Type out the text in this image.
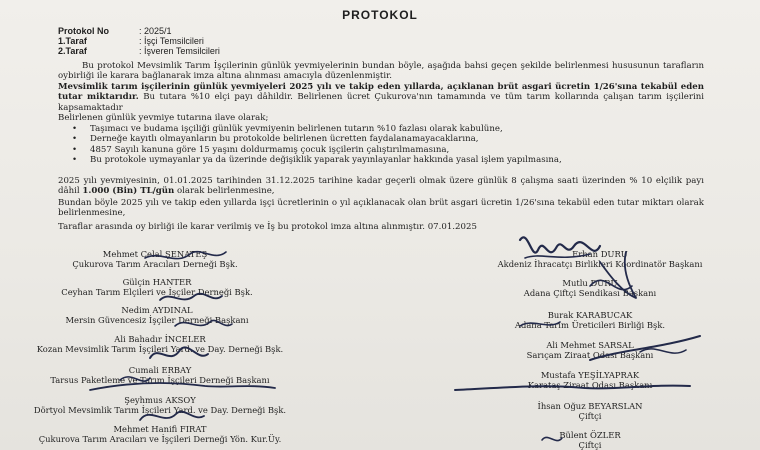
PROTOKOL
Protokol No	: 2025/1
1.Taraf	: İşçi Temsilcileri
2.Taraf	: İşveren Temsilcileri

Bu protokol Mevsimlik Tarım İşçilerinin günlük yevmiyelerinin bundan böyle, aşağıda bahsi geçen şekilde belirlenmesi hususunun tarafların oybirliği ile karara bağlanarak imza altına alınması amacıyla düzenlenmiştir.

Mevsimlik tarım işçilerinin günlük yevmiyeleri 2025 yılı ve takip eden yıllarda, açıklanan brüt asgari ücretin 1/26'sına tekabül eden tutar miktarıdır. Bu tutara %10 elçi payı dâhildir. Belirlenen ücret Çukurova'nın tamamında ve tüm tarım kollarında çalışan tarım işçilerini kapsamaktadır

Belirlenen günlük yevmiye tutarına ilave olarak;

• Taşımacı ve budama işçiliği günlük yevmiyenin belirlenen tutarın %10 fazlası olarak kabulüne,
• Derneğe kayıtlı olmayanların bu protokolde belirlenen ücretten faydalanamayacaklarına,
• 4857 Sayılı kanuna göre 15 yaşını doldurmamış çocuk işçilerin çalıştırılmamasına,
• Bu protokole uymayanlar ya da üzerinde değişiklik yaparak yayınlayanlar hakkında yasal işlem yapılmasına,

2025 yılı yevmiyesinin, 01.01.2025 tarihinden 31.12.2025 tarihine kadar geçerli olmak üzere günlük 8 çalışma saati üzerinden % 10 elçilik payı dâhil 1.000 (Bin) TL/gün olarak belirlenmesine,

Bundan böyle 2025 yılı ve takip eden yıllarda işçi ücretlerinin o yıl açıklanacak olan brüt asgari ücretin 1/26'sına tekabül eden tutar miktarı olarak belirlenmesine,

Taraflar arasında oy birliği ile karar verilmiş ve İş bu protokol imza altına alınmıştır. 07.01.2025

Mehmet Celal ŞENATEŞ
Çukurova Tarım Aracıları Derneği Bşk.
Gülçin HANTER
Ceyhan Tarım Elçileri ve İşçiler Derneği Bşk.
Nedim AYDINAL
Mersin Güvencesiz İşçiler Derneği Başkanı
Ali Bahadır İNCELER
Kozan Mevsimlik Tarım İşçileri Yard. ve Day. Derneği Bşk.
Cumali ERBAY
Tarsus Paketleme ve Tarım İşçileri Derneği Başkanı
Şeyhmus AKSOY
Dörtyol Mevsimlik Tarım İşçileri Yard. ve Day. Derneği Bşk.
Mehmet Hanifi FIRAT
Çukurova Tarım Aracıları ve İşçileri Derneği Yön. Kur.Üy.
Erhan DURU
Akdeniz İhracatçı Birlikleri Koordinatör Başkanı
Mutlu DURU
Adana Çiftçi Sendikası Başkanı
Burak KARABUCAK
Adana Tarım Üreticileri Birliği Bşk.
Ali Mehmet SARSAL
Sarıçam Ziraat Odası Başkanı
Mustafa YEŞİLYAPRAK
Karataş Ziraat Odası Başkanı
İhsan Oğuz BEYARSLAN
Çiftçi
Bülent ÖZLER
Çiftçi
